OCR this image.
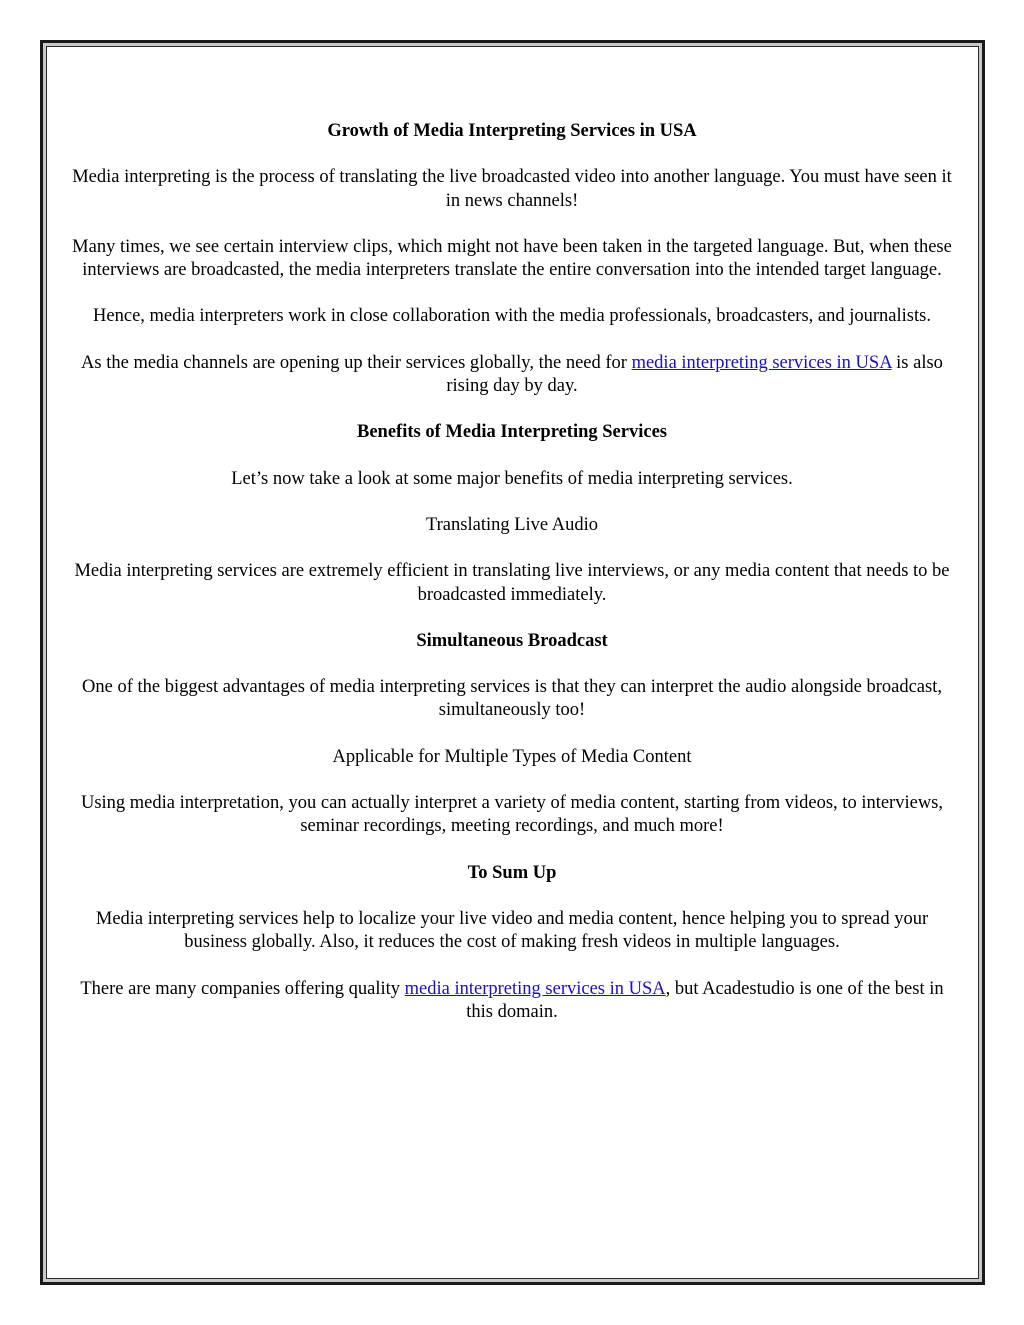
Growth of Media Interpreting Services in USA

Media interpreting is the process of translating the live broadcasted video into another language. You must have seen it in news channels!

Many times, we see certain interview clips, which might not have been taken in the targeted language. But, when these interviews are broadcasted, the media interpreters translate the entire conversation into the intended target language.

Hence, media interpreters work in close collaboration with the media professionals, broadcasters, and journalists.

As the media channels are opening up their services globally, the need for media interpreting services in USA is also rising day by day.

Benefits of Media Interpreting Services

Let’s now take a look at some major benefits of media interpreting services.

Translating Live Audio

Media interpreting services are extremely efficient in translating live interviews, or any media content that needs to be broadcasted immediately.

Simultaneous Broadcast

One of the biggest advantages of media interpreting services is that they can interpret the audio alongside broadcast, simultaneously too!

Applicable for Multiple Types of Media Content

Using media interpretation, you can actually interpret a variety of media content, starting from videos, to interviews, seminar recordings, meeting recordings, and much more!

To Sum Up

Media interpreting services help to localize your live video and media content, hence helping you to spread your business globally. Also, it reduces the cost of making fresh videos in multiple languages.

There are many companies offering quality media interpreting services in USA, but Acadestudio is one of the best in this domain.
